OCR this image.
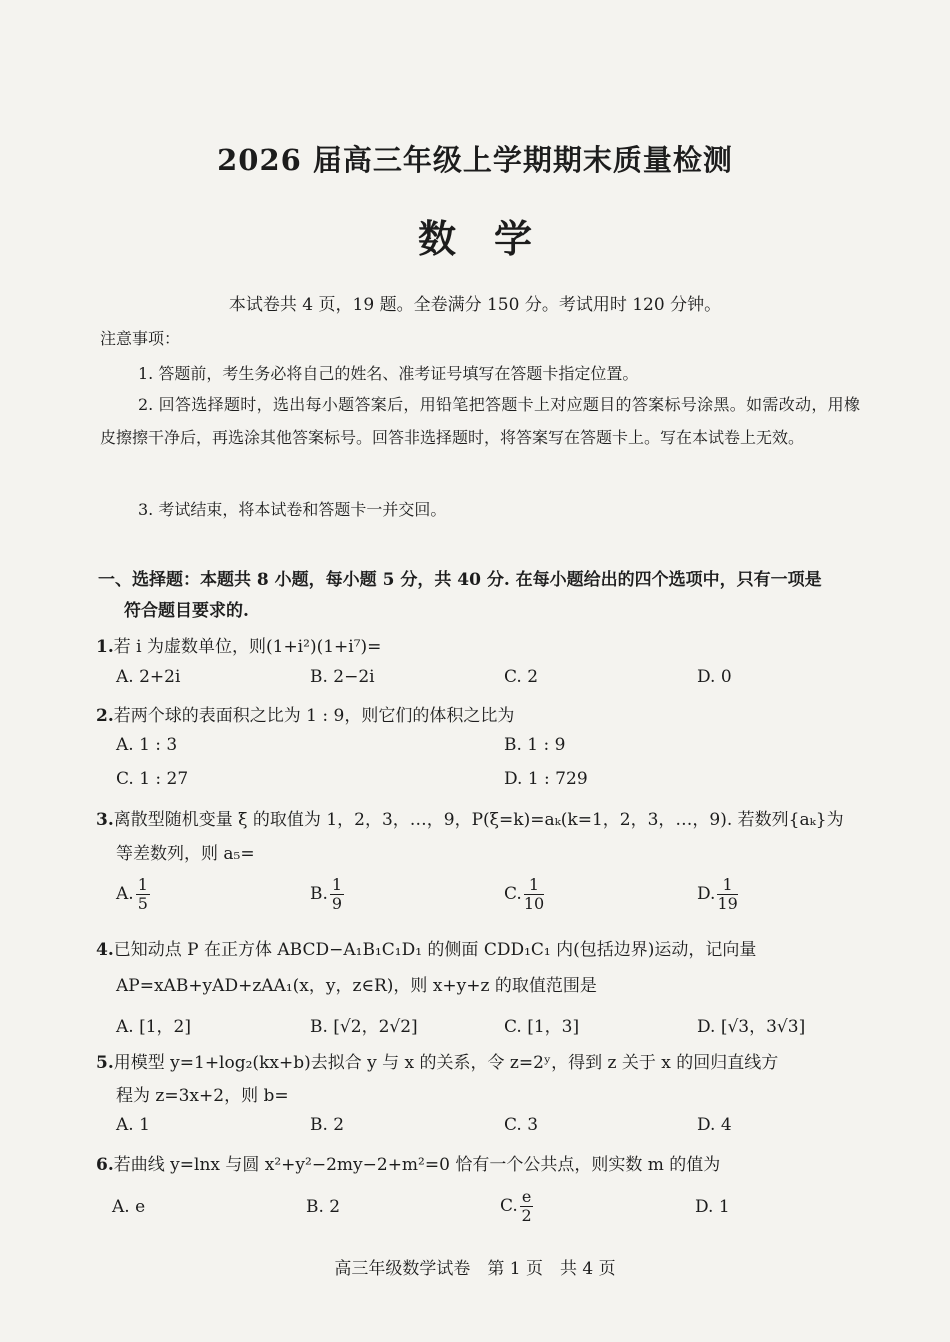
2026 届高三年级上学期期末质量检测
数学
本试卷共 4 页，19 题。全卷满分 150 分。考试用时 120 分钟。
注意事项：
1. 答题前，考生务必将自己的姓名、准考证号填写在答题卡指定位置。
2. 回答选择题时，选出每小题答案后，用铅笔把答题卡上对应题目的答案标号涂黑。如需改动，用橡皮擦擦干净后，再选涂其他答案标号。回答非选择题时，将答案写在答题卡上。写在本试卷上无效。
3. 考试结束，将本试卷和答题卡一并交回。
一、选择题：本题共 8 小题，每小题 5 分，共 40 分. 在每小题给出的四个选项中，只有一项是
符合题目要求的.
1.若 i 为虚数单位，则(1+i²)(1+i⁷)=
A. 2+2i	B. 2−2i	C. 2	D. 0
2.若两个球的表面积之比为 1 : 9，则它们的体积之比为
A. 1 : 3	B. 1 : 9
C. 1 : 27	D. 1 : 729
3.离散型随机变量 ξ 的取值为 1，2，3，…，9，P(ξ=k)=aₖ(k=1，2，3，…，9). 若数列{aₖ}为
等差数列，则 a₅=
A. $\frac{1}{5}$	B. $\frac{1}{9}$	C. $\frac{1}{10}$	D. $\frac{1}{19}$
4.已知动点 P 在正方体 ABCD−A₁B₁C₁D₁ 的侧面 CDD₁C₁ 内(包括边界)运动，记向量
AP=xAB+yAD+zAA₁(x，y，z∈R)，则 x+y+z 的取值范围是
A. [1，2]	B. [√2，2√2]	C. [1，3]	D. [√3，3√3]
5.用模型 y=1+log₂(kx+b)去拟合 y 与 x 的关系，令 z=2ʸ，得到 z 关于 x 的回归直线方
程为 z=3x+2，则 b=
A. 1	B. 2	C. 3	D. 4
6.若曲线 y=lnx 与圆 x²+y²−2my−2+m²=0 恰有一个公共点，则实数 m 的值为
A. e	B. 2	C. $\frac{e}{2}$	D. 1
高三年级数学试卷　第 1 页　共 4 页
